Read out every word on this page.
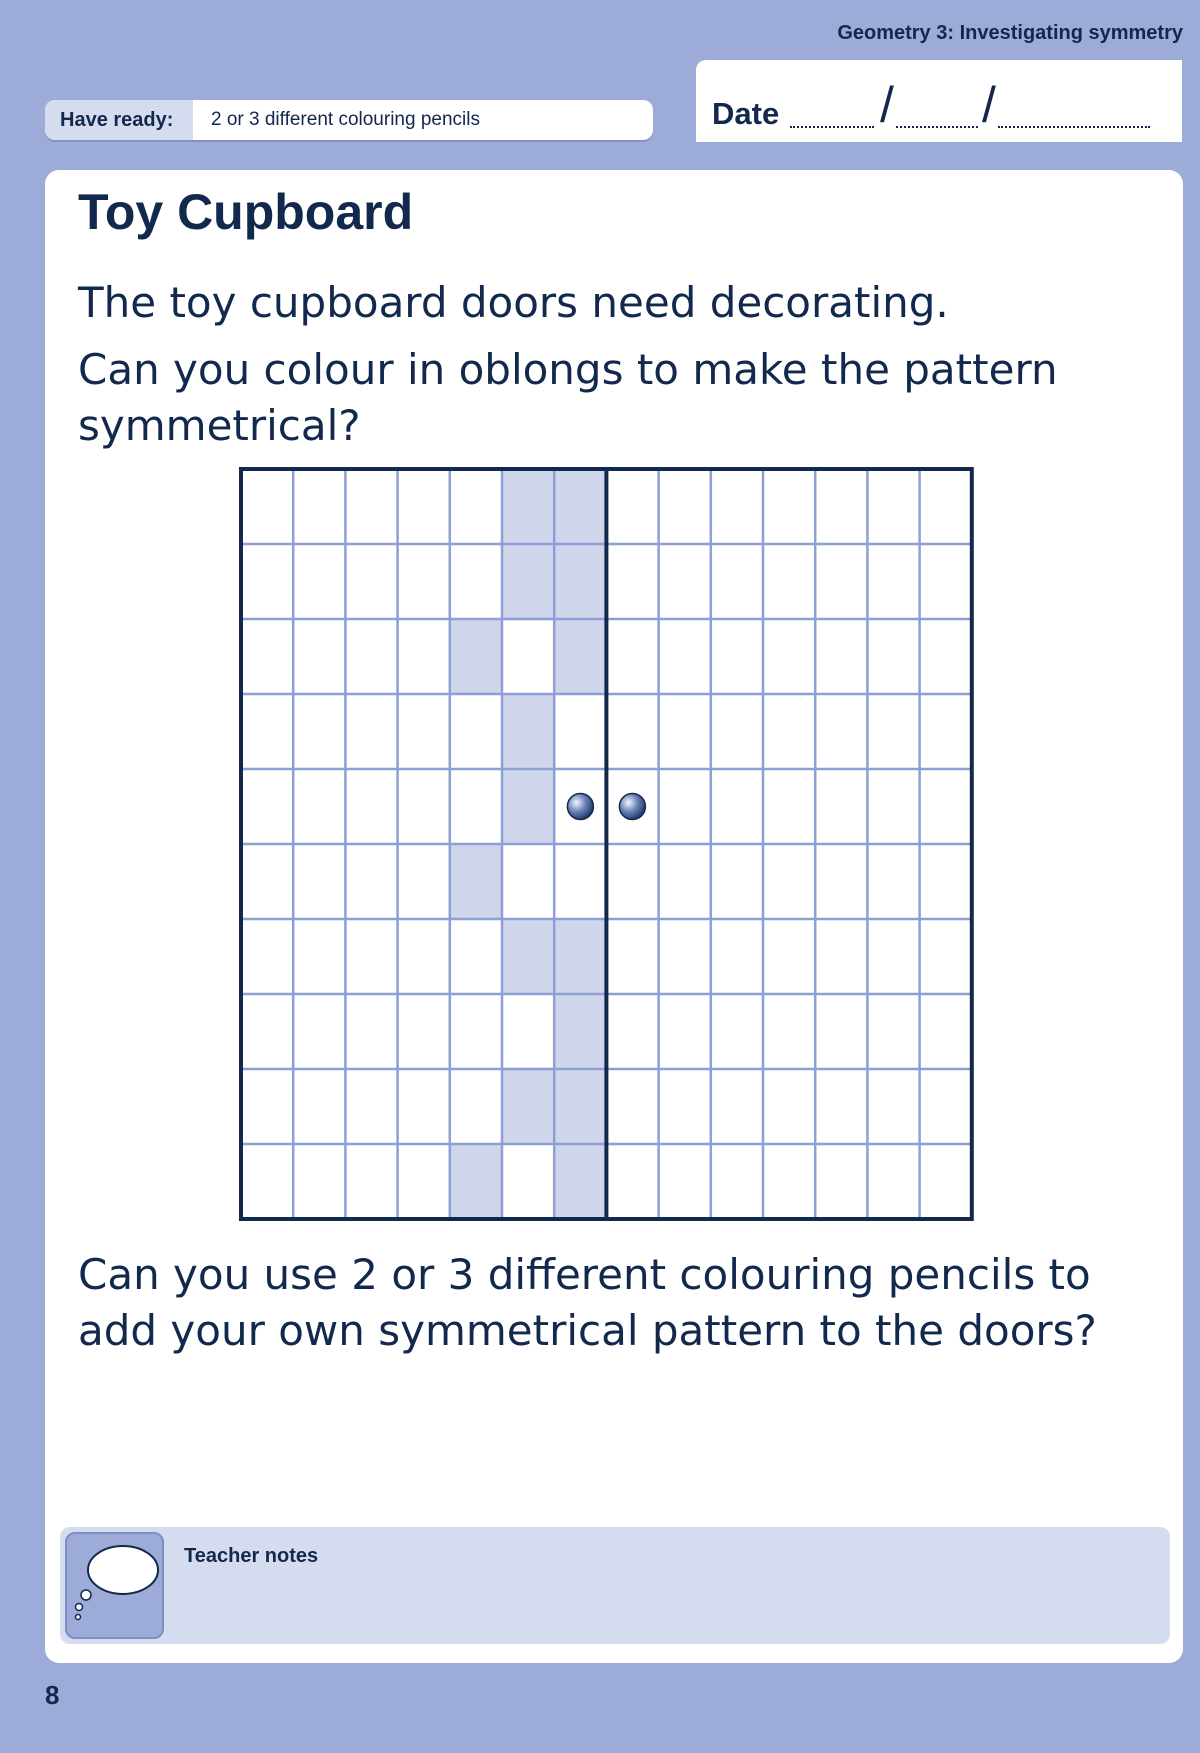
Geometry 3: Investigating symmetry
Have ready:	2 or 3 different colouring pencils	Date / /
Toy Cupboard

The toy cupboard doors need decorating.

Can you colour in oblongs to make the pattern symmetrical?

Can you use 2 or 3 different colouring pencils to add your own symmetrical pattern to the doors?

Teacher notes
8
